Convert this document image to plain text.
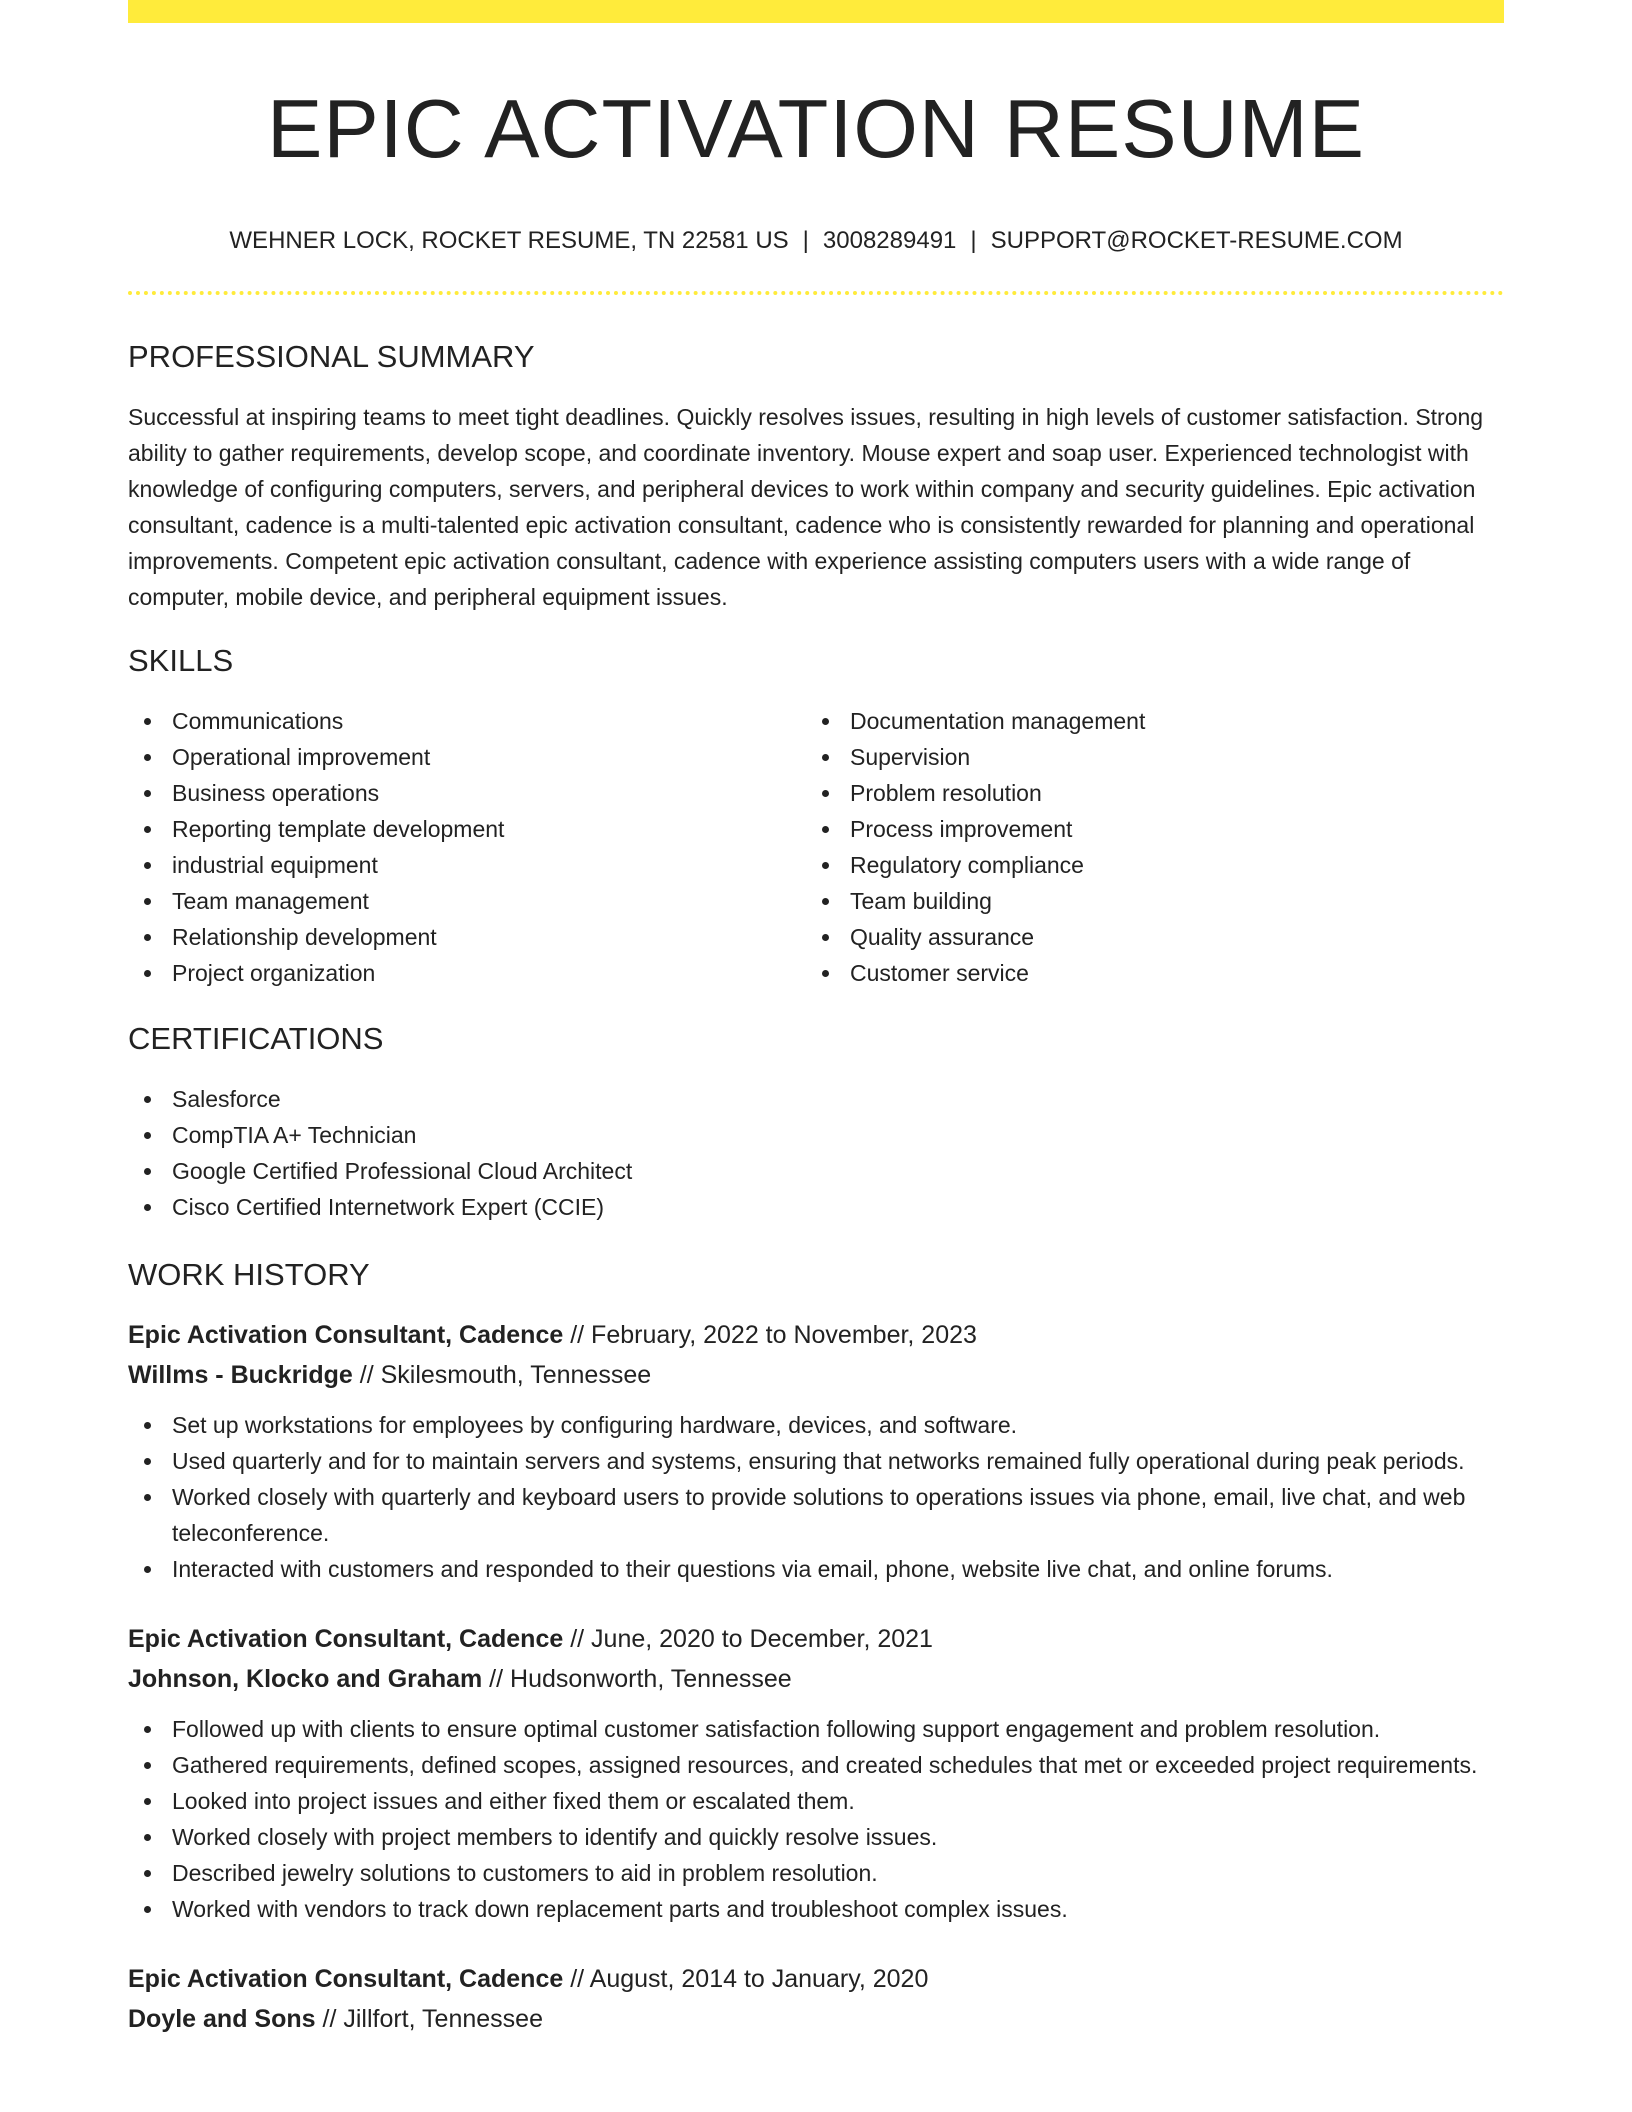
EPIC ACTIVATION RESUME
WEHNER LOCK, ROCKET RESUME, TN 22581 US | 3008289491 | SUPPORT@ROCKET-RESUME.COM
PROFESSIONAL SUMMARY

Successful at inspiring teams to meet tight deadlines. Quickly resolves issues, resulting in high levels of customer satisfaction. Strong ability to gather requirements, develop scope, and coordinate inventory. Mouse expert and soap user. Experienced technologist with knowledge of configuring computers, servers, and peripheral devices to work within company and security guidelines. Epic activation consultant, cadence is a multi-talented epic activation consultant, cadence who is consistently rewarded for planning and operational improvements. Competent epic activation consultant, cadence with experience assisting computers users with a wide range of computer, mobile device, and peripheral equipment issues.

SKILLS
Communications
Operational improvement
Business operations
Reporting template development
industrial equipment
Team management
Relationship development
Project organization
Documentation management
Supervision
Problem resolution
Process improvement
Regulatory compliance
Team building
Quality assurance
Customer service
CERTIFICATIONS
Salesforce
CompTIA A+ Technician
Google Certified Professional Cloud Architect
Cisco Certified Internetwork Expert (CCIE)
WORK HISTORY
Epic Activation Consultant, Cadence // February, 2022 to November, 2023
Willms - Buckridge // Skilesmouth, Tennessee
Set up workstations for employees by configuring hardware, devices, and software.
Used quarterly and for to maintain servers and systems, ensuring that networks remained fully operational during peak periods.
Worked closely with quarterly and keyboard users to provide solutions to operations issues via phone, email, live chat, and web teleconference.
Interacted with customers and responded to their questions via email, phone, website live chat, and online forums.
Epic Activation Consultant, Cadence // June, 2020 to December, 2021
Johnson, Klocko and Graham // Hudsonworth, Tennessee
Followed up with clients to ensure optimal customer satisfaction following support engagement and problem resolution.
Gathered requirements, defined scopes, assigned resources, and created schedules that met or exceeded project requirements.
Looked into project issues and either fixed them or escalated them.
Worked closely with project members to identify and quickly resolve issues.
Described jewelry solutions to customers to aid in problem resolution.
Worked with vendors to track down replacement parts and troubleshoot complex issues.
Epic Activation Consultant, Cadence // August, 2014 to January, 2020
Doyle and Sons // Jillfort, Tennessee
